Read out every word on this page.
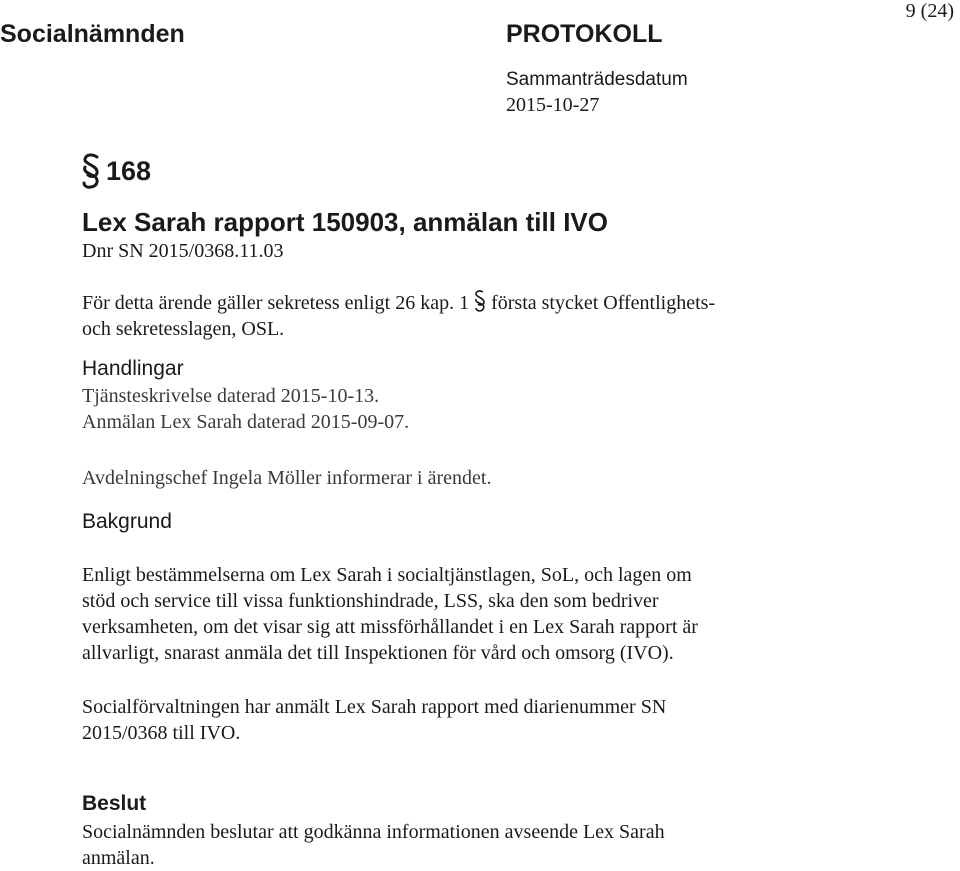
Socialnämnden	PROTOKOLL
9 (24)
Sammanträdesdatum
2015-10-27
168
Lex Sarah rapport 150903, anmälan till IVO
Dnr SN 2015/0368.11.03
För detta ärende gäller sekretess enligt 26 kap. 1 första stycket Offentlighets-
och sekretesslagen, OSL.
Handlingar
Tjänsteskrivelse daterad 2015-10-13.
Anmälan Lex Sarah daterad 2015-09-07.
Avdelningschef Ingela Möller informerar i ärendet.
Bakgrund
Enligt bestämmelserna om Lex Sarah i socialtjänstlagen, SoL, och lagen om
stöd och service till vissa funktionshindrade, LSS, ska den som bedriver
verksamheten, om det visar sig att missförhållandet i en Lex Sarah rapport är
allvarligt, snarast anmäla det till Inspektionen för vård och omsorg (IVO).
Socialförvaltningen har anmält Lex Sarah rapport med diarienummer SN
2015/0368 till IVO.
Beslut
Socialnämnden beslutar att godkänna informationen avseende Lex Sarah
anmälan.
